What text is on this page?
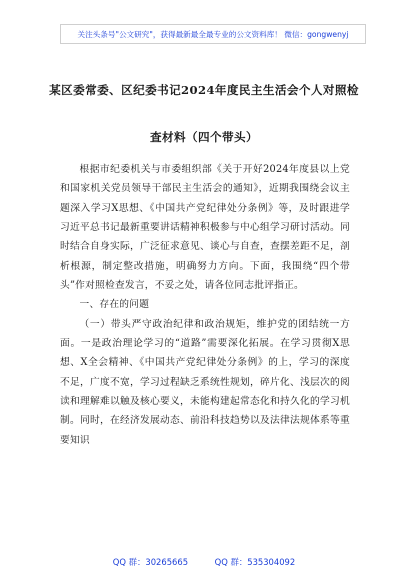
关注头条号"公文研究"，获得最新最全最专业的公文资料库！ 微信：gongwenyj
某区委常委、区纪委书记2024年度民主生活会个人对照检
查材料（四个带头）

根据市纪委机关与市委组织部《关于开好2024年度县以上党和国家机关党员领导干部民主生活会的通知》，近期我围绕会议主题深入学习X思想、《中国共产党纪律处分条例》等，及时跟进学习近平总书记最新重要讲话精神积极参与中心组学习研讨活动。同时结合自身实际，广泛征求意见、谈心与自查，查摆差距不足，剖析根源，制定整改措施，明确努力方向。下面，我围绕“四个带头”作对照检查发言，不妥之处，请各位同志批评指正。

一、存在的问题

（一）带头严守政治纪律和政治规矩，维护党的团结统一方面。一是政治理论学习的“道路”需要深化拓展。在学习贯彻X思想、X全会精神、《中国共产党纪律处分条例》的上，学习的深度不足，广度不宽，学习过程缺乏系统性规划，碎片化、浅层次的阅读和理解难以触及核心要义，未能构建起常态化和持久化的学习机制。同时，在经济发展动态、前沿科技趋势以及法律法规体系等重要知识

QQ 群：30265665          QQ 群：535304092
